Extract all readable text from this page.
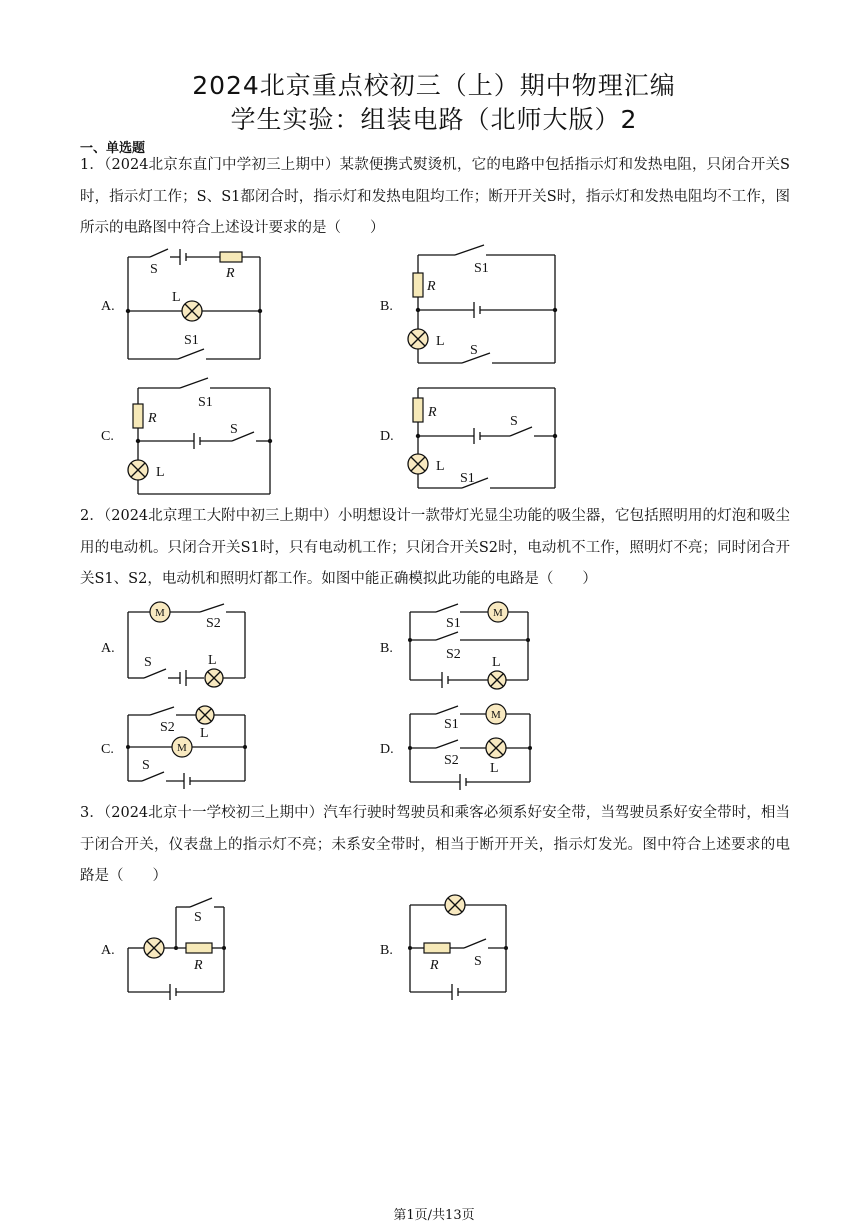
2024北京重点校初三（上）期中物理汇编
学生实验：组装电路（北师大版）2
一、单选题
1．（2024北京东直门中学初三上期中）某款便携式熨烫机，它的电路中包括指示灯和发热电阻，只闭合开关S时，指示灯工作；S、S1都闭合时，指示灯和发热电阻均工作；断开开关S时，指示灯和发热电阻均不工作，图所示的电路图中符合上述设计要求的是（　　）
2．（2024北京理工大附中初三上期中）小明想设计一款带灯光显尘功能的吸尘器，它包括照明用的灯泡和吸尘用的电动机。只闭合开关S1时，只有电动机工作；只闭合开关S2时，电动机不工作，照明灯不亮；同时闭合开关S1、S2，电动机和照明灯都工作。如图中能正确模拟此功能的电路是（　　）
3．（2024北京十一学校初三上期中）汽车行驶时驾驶员和乘客必须系好安全带，当驾驶员系好安全带时，相当于闭合开关，仪表盘上的指示灯不亮；未系安全带时，相当于断开开关，指示灯发光。图中符合上述要求的电路是（　　）
A.	B.
C.	D.
A.	B.
C.	D.
A.	B.
S	R
L
S1
S1
R
L
S
S1
R
S
L
R
S
L
S1
M
S2
S	L
M
S1
S2
L
M
S2 L
S
M
S1
S2
L
S
R	R	S
第1页/共13页
